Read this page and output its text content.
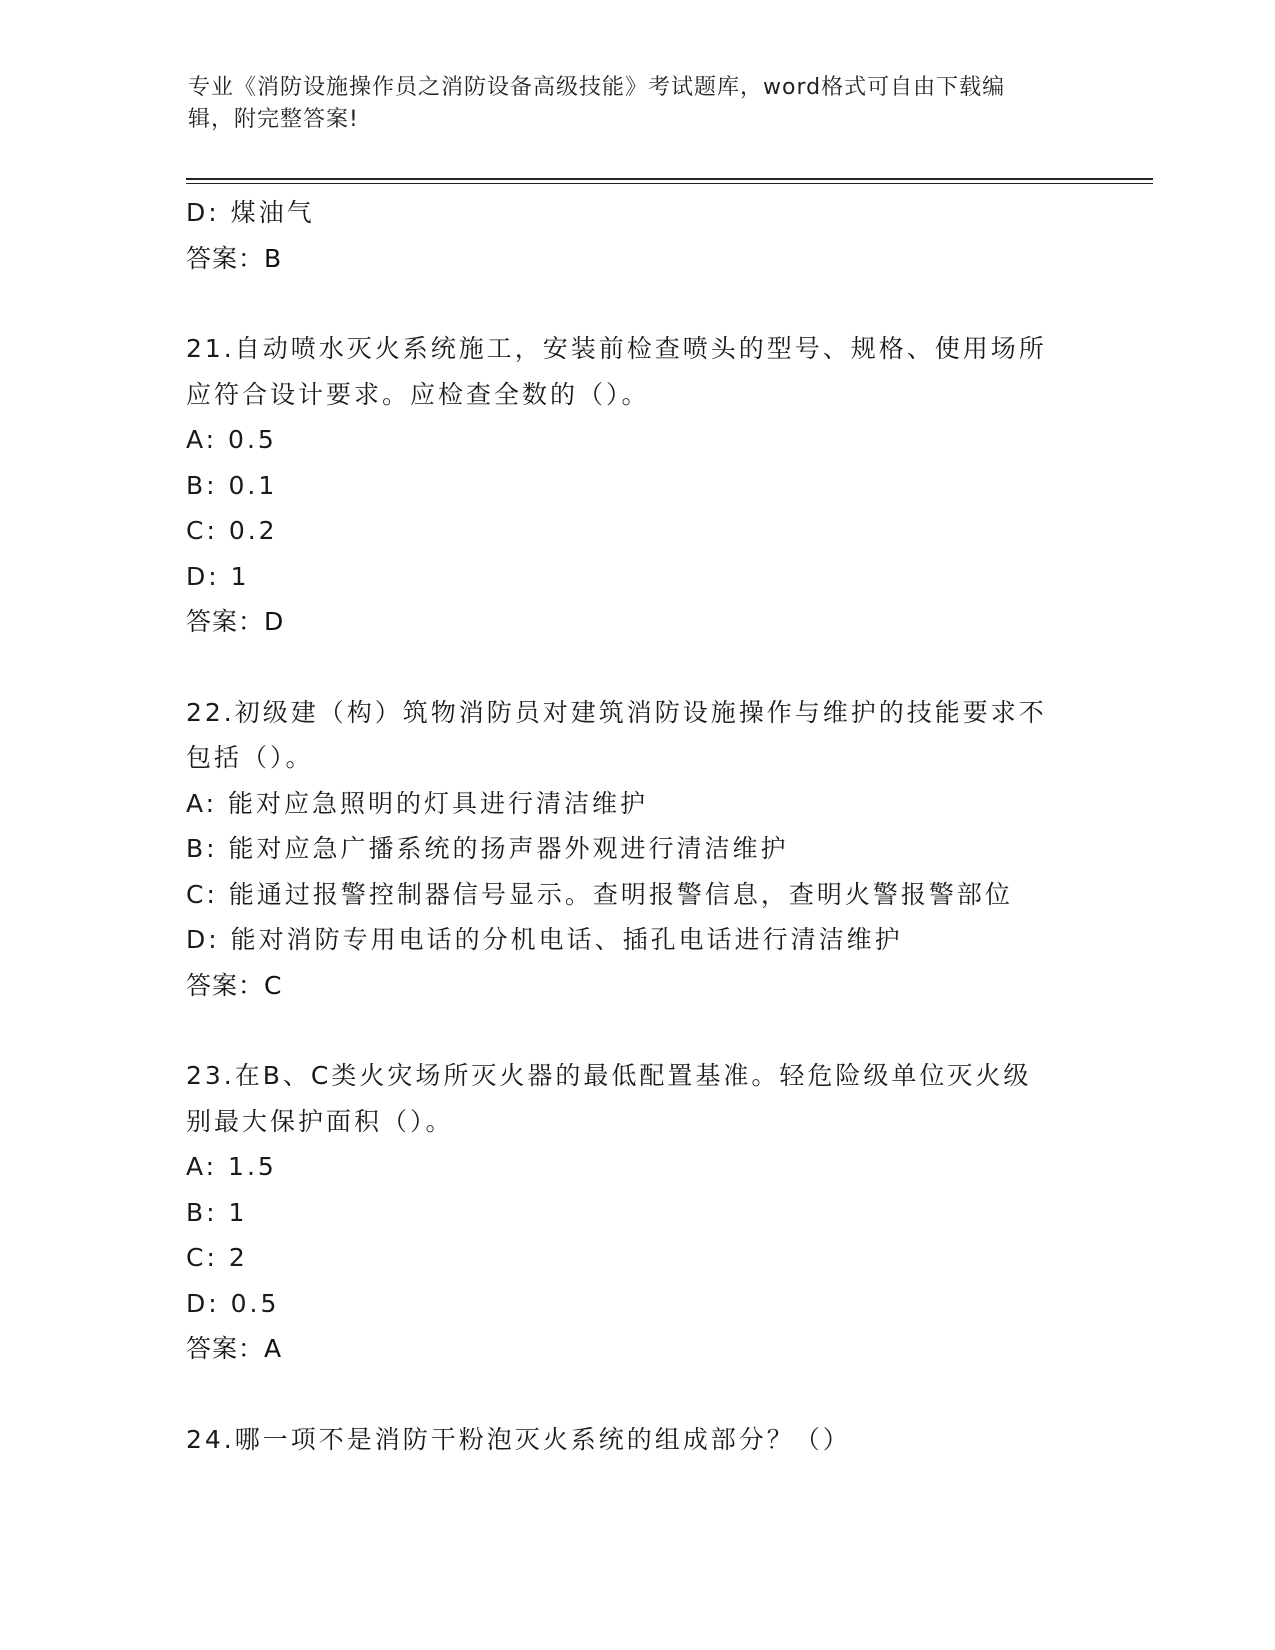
专业《消防设施操作员之消防设备高级技能》考试题库，word格式可自由下载编
辑，附完整答案!
D: 煤油气
答案：B
21.自动喷水灭火系统施工，安装前检查喷头的型号、规格、使用场所
应符合设计要求。应检查全数的（）。
A: 0.5
B: 0.1
C: 0.2
D: 1
答案：D
22.初级建（构）筑物消防员对建筑消防设施操作与维护的技能要求不
包括（）。
A: 能对应急照明的灯具进行清洁维护
B: 能对应急广播系统的扬声器外观进行清洁维护
C: 能通过报警控制器信号显示。查明报警信息，查明火警报警部位
D: 能对消防专用电话的分机电话、插孔电话进行清洁维护
答案：C
23.在B、C类火灾场所灭火器的最低配置基准。轻危险级单位灭火级
别最大保护面积（）。
A: 1.5
B: 1
C: 2
D: 0.5
答案：A
24.哪一项不是消防干粉泡灭火系统的组成部分？（）
